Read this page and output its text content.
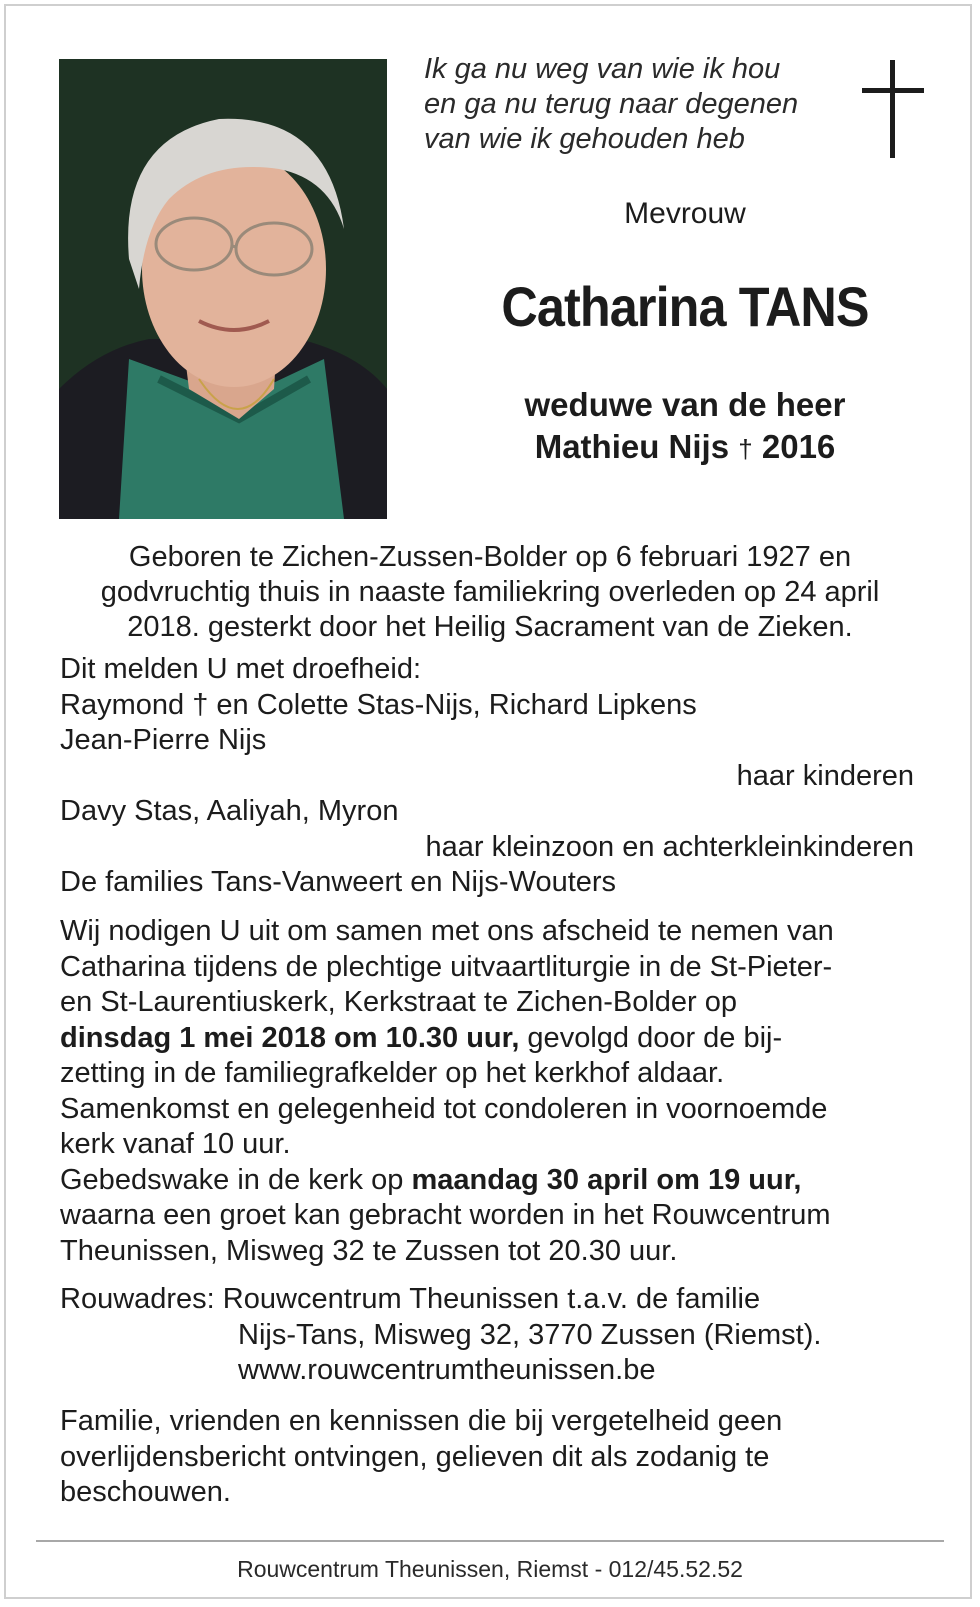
Ik ga nu weg van wie ik hou
en ga nu terug naar degenen
van wie ik gehouden heb
Mevrouw
Catharina TANS
weduwe van de heer
Mathieu Nijs † 2016
Geboren te Zichen-Zussen-Bolder op 6 februari 1927 en
godvruchtig thuis in naaste familiekring overleden op 24 april
2018. gesterkt door het Heilig Sacrament van de Zieken.
Dit melden U met droefheid:
Raymond † en Colette Stas-Nijs, Richard Lipkens
Jean-Pierre Nijs
haar kinderen
Davy Stas, Aaliyah, Myron
haar kleinzoon en achterkleinkinderen
De families Tans-Vanweert en Nijs-Wouters
Wij nodigen U uit om samen met ons afscheid te nemen van
Catharina tijdens de plechtige uitvaartliturgie in de St-Pieter-
en St-Laurentiuskerk, Kerkstraat te Zichen-Bolder op
dinsdag 1 mei 2018 om 10.30 uur, gevolgd door de bij-
zetting in de familiegrafkelder op het kerkhof aldaar.
Samenkomst en gelegenheid tot condoleren in voornoemde
kerk vanaf 10 uur.
Gebedswake in de kerk op maandag 30 april om 19 uur,
waarna een groet kan gebracht worden in het Rouwcentrum
Theunissen, Misweg 32 te Zussen tot 20.30 uur.
Rouwadres: Rouwcentrum Theunissen t.a.v. de familie
Nijs-Tans, Misweg 32, 3770 Zussen (Riemst).
www.rouwcentrumtheunissen.be
Familie, vrienden en kennissen die bij vergetelheid geen
overlijdensbericht ontvingen, gelieven dit als zodanig te
beschouwen.
Rouwcentrum Theunissen, Riemst - 012/45.52.52
